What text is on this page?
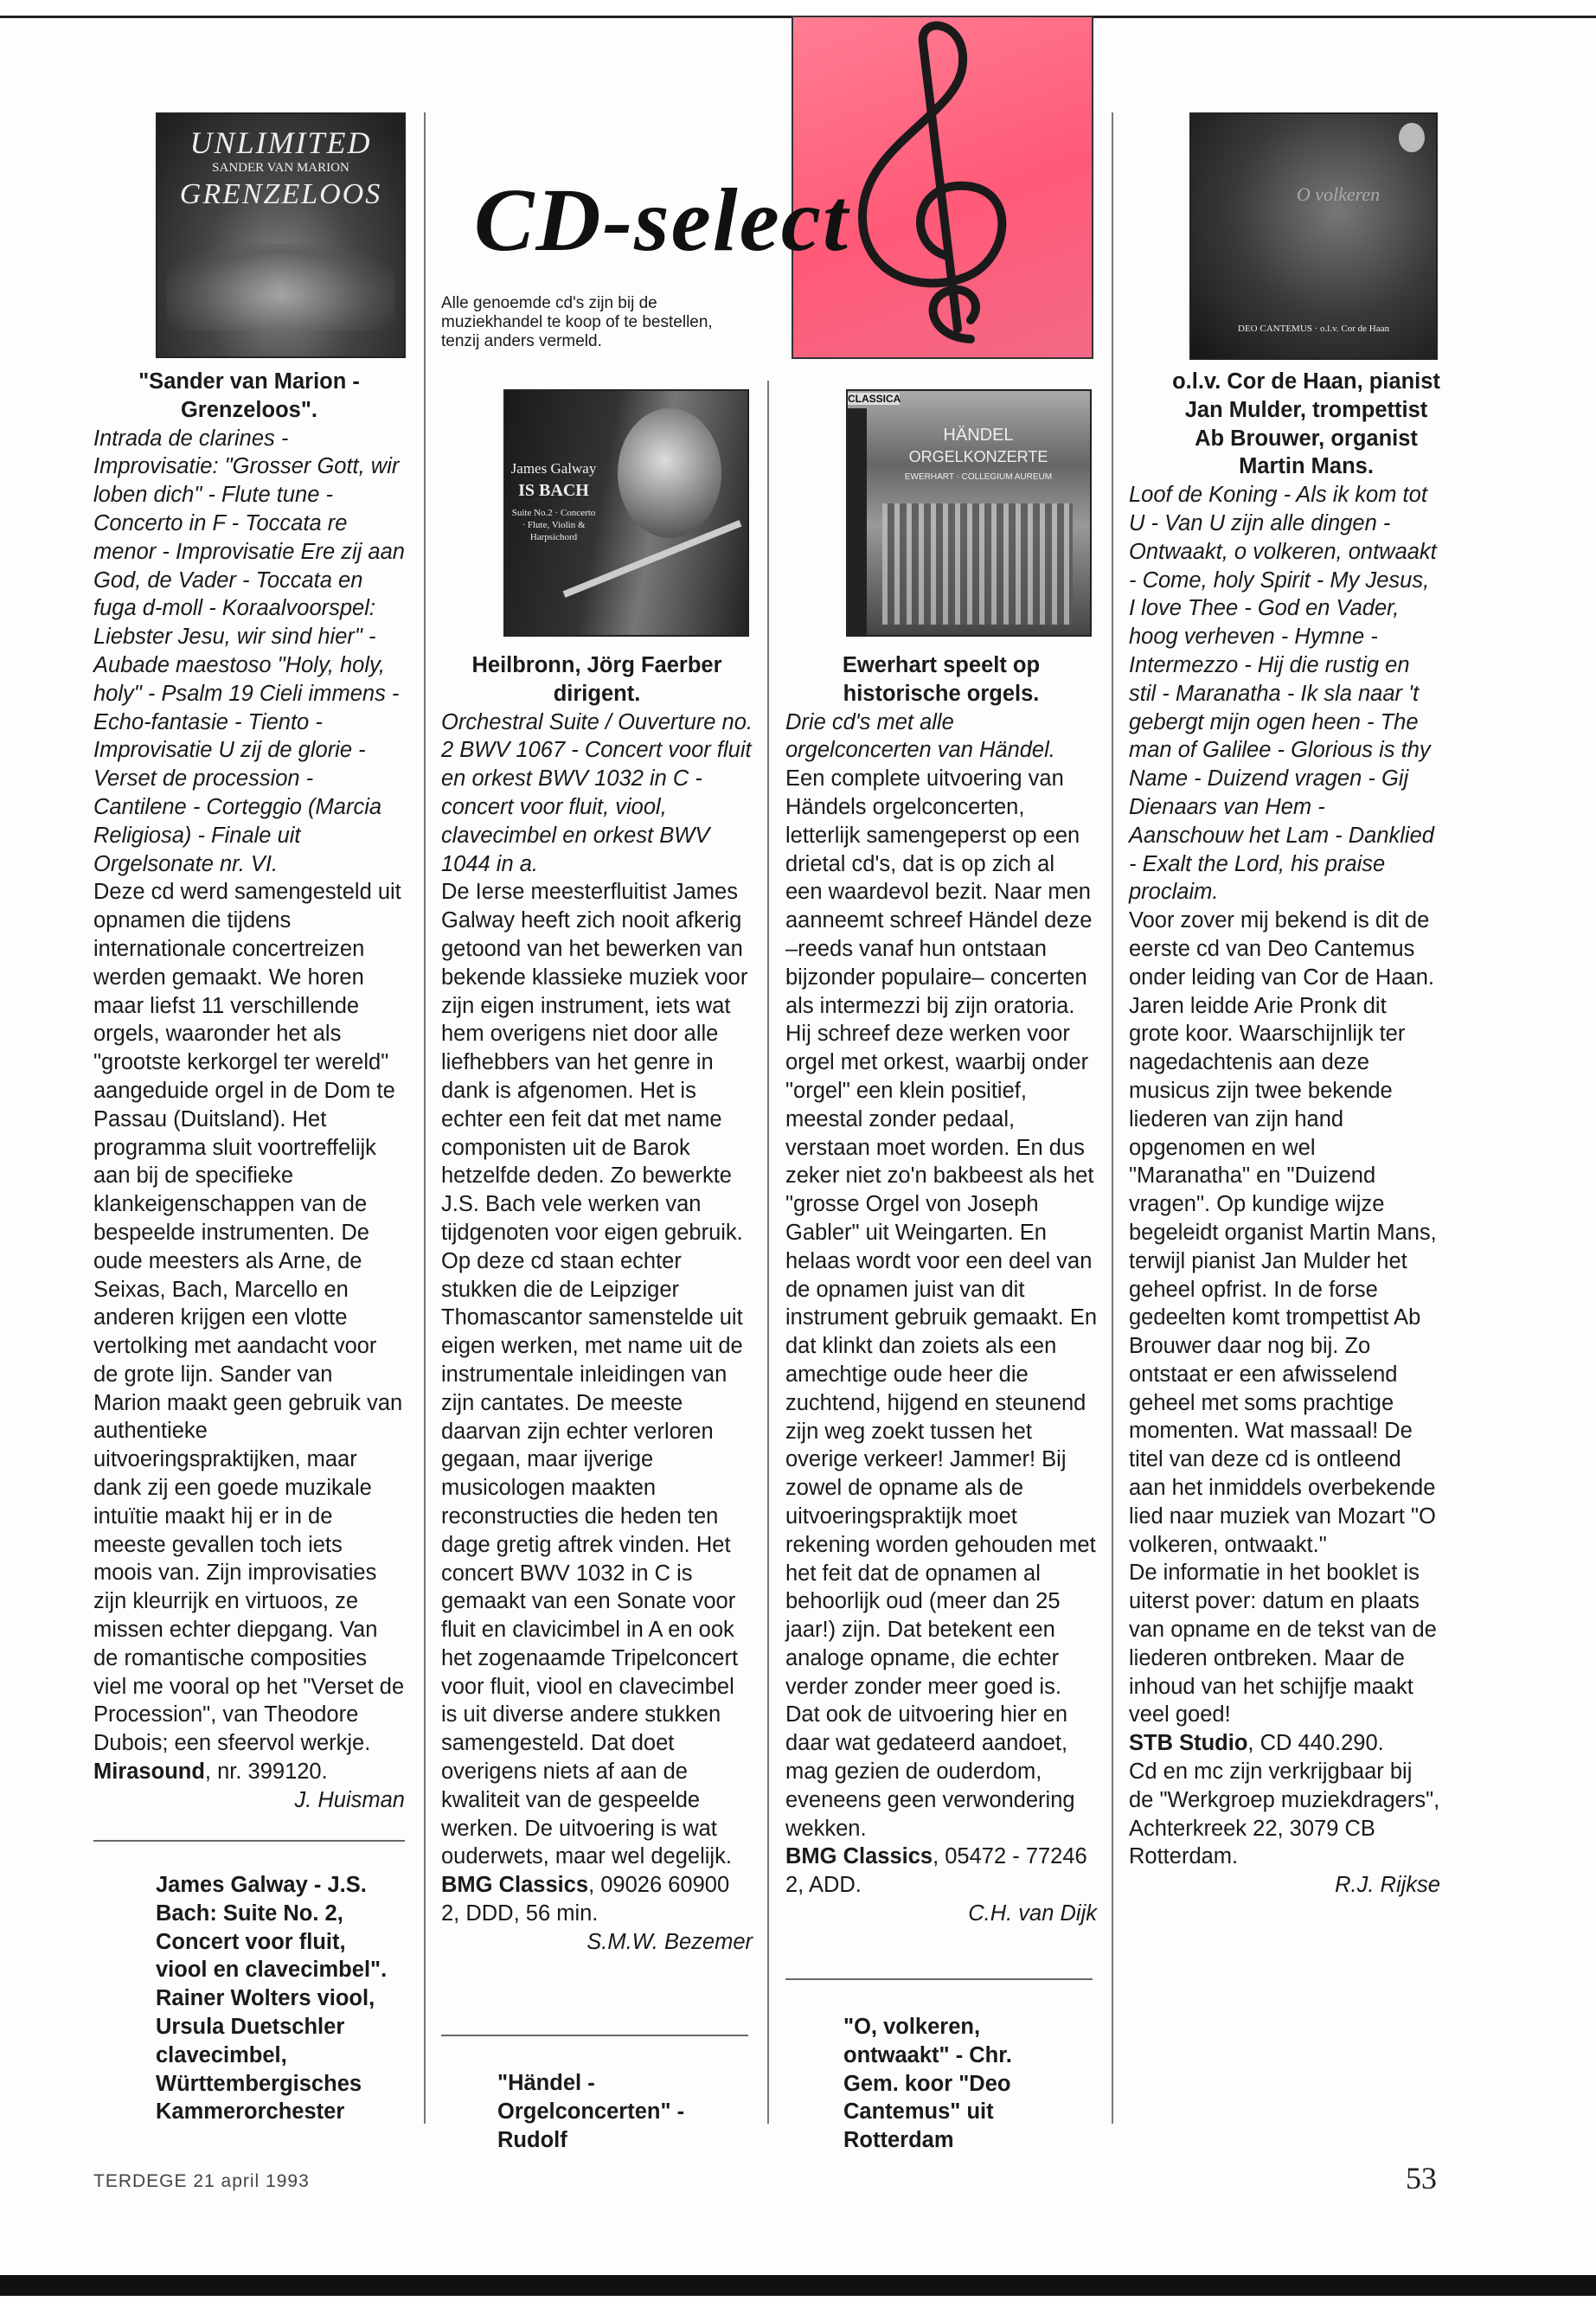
CD-select
Alle genoemde cd's zijn bij de muziekhandel te koop of te bestellen, tenzij anders vermeld.
UNLIMITED
SANDER VAN MARION
GRENZELOOS
James Galway
IS BACH
Suite No.2 · Concerto · Flute, Violin & Harpsichord
CLASSICA
HÄNDEL
ORGELKONZERTE
EWERHART · COLLEGIUM AUREUM
O volkeren
DEO CANTEMUS · o.l.v. Cor de Haan

"Sander van Marion - Grenzeloos".

Intrada de clarines - Improvisatie: "Grosser Gott, wir loben dich" - Flute tune - Concerto in F - Toccata re menor - Improvisatie Ere zij aan God, de Vader - Toccata en fuga d-moll - Koraalvoorspel: Liebster Jesu, wir sind hier" - Aubade maestoso "Holy, holy, holy" - Psalm 19 Cieli immens - Echo-fantasie - Tiento - Improvisatie U zij de glorie - Verset de procession - Cantilene - Corteggio (Marcia Religiosa) - Finale uit Orgelsonate nr. VI.

Deze cd werd samengesteld uit opnamen die tijdens internationale concertreizen werden gemaakt. We horen maar liefst 11 verschillende orgels, waaronder het als "grootste kerkorgel ter wereld" aangeduide orgel in de Dom te Passau (Duitsland). Het programma sluit voortreffelijk aan bij de specifieke klankeigenschappen van de bespeelde instrumenten. De oude meesters als Arne, de Seixas, Bach, Marcello en anderen krijgen een vlotte vertolking met aandacht voor de grote lijn. Sander van Marion maakt geen gebruik van authentieke uitvoeringspraktijken, maar dank zij een goede muzikale intuïtie maakt hij er in de meeste gevallen toch iets moois van. Zijn improvisaties zijn kleurrijk en virtuoos, ze missen echter diepgang. Van de romantische composities viel me vooral op het "Verset de Procession", van Theodore Dubois; een sfeervol werkje.

Mirasound, nr. 399120.

J. Huisman

James Galway - J.S. Bach: Suite No. 2, Concert voor fluit, viool en clavecimbel". Rainer Wolters viool, Ursula Duetschler clavecimbel, Württembergisches Kammerorchester

Heilbronn, Jörg Faerber dirigent.

Orchestral Suite / Ouverture no. 2 BWV 1067 - Concert voor fluit en orkest BWV 1032 in C - concert voor fluit, viool, clavecimbel en orkest BWV 1044 in a.

De Ierse meesterfluitist James Galway heeft zich nooit afkerig getoond van het bewerken van bekende klassieke muziek voor zijn eigen instrument, iets wat hem overigens niet door alle liefhebbers van het genre in dank is afgenomen. Het is echter een feit dat met name componisten uit de Barok hetzelfde deden. Zo bewerkte J.S. Bach vele werken van tijdgenoten voor eigen gebruik. Op deze cd staan echter stukken die de Leipziger Thomascantor samenstelde uit eigen werken, met name uit de instrumentale inleidingen van zijn cantates. De meeste daarvan zijn echter verloren gegaan, maar ijverige musicologen maakten reconstructies die heden ten dage gretig aftrek vinden. Het concert BWV 1032 in C is gemaakt van een Sonate voor fluit en clavicimbel in A en ook het zogenaamde Tripelconcert voor fluit, viool en clavecimbel is uit diverse andere stukken samengesteld. Dat doet overigens niets af aan de kwaliteit van de gespeelde werken. De uitvoering is wat ouderwets, maar wel degelijk.

BMG Classics, 09026 60900 2, DDD, 56 min.

S.M.W. Bezemer

"Händel - Orgelconcerten" - Rudolf

Ewerhart speelt op historische orgels.

Drie cd's met alle orgelconcerten van Händel.

Een complete uitvoering van Händels orgelconcerten, letterlijk samengeperst op een drietal cd's, dat is op zich al een waardevol bezit. Naar men aanneemt schreef Händel deze –reeds vanaf hun ontstaan bijzonder populaire– concerten als intermezzi bij zijn oratoria. Hij schreef deze werken voor orgel met orkest, waarbij onder "orgel" een klein positief, meestal zonder pedaal, verstaan moet worden. En dus zeker niet zo'n bakbeest als het "grosse Orgel von Joseph Gabler" uit Weingarten. En helaas wordt voor een deel van de opnamen juist van dit instrument gebruik gemaakt. En dat klinkt dan zoiets als een amechtige oude heer die zuchtend, hijgend en steunend zijn weg zoekt tussen het overige verkeer! Jammer! Bij zowel de opname als de uitvoeringspraktijk moet rekening worden gehouden met het feit dat de opnamen al behoorlijk oud (meer dan 25 jaar!) zijn. Dat betekent een analoge opname, die echter verder zonder meer goed is. Dat ook de uitvoering hier en daar wat gedateerd aandoet, mag gezien de ouderdom, eveneens geen verwondering wekken.

BMG Classics, 05472 - 77246 2, ADD.

C.H. van Dijk

"O, volkeren, ontwaakt" - Chr. Gem. koor "Deo Cantemus" uit Rotterdam

o.l.v. Cor de Haan, pianist Jan Mulder, trompettist Ab Brouwer, organist Martin Mans.

Loof de Koning - Als ik kom tot U - Van U zijn alle dingen - Ontwaakt, o volkeren, ontwaakt - Come, holy Spirit - My Jesus, I love Thee - God en Vader, hoog verheven - Hymne - Intermezzo - Hij die rustig en stil - Maranatha - Ik sla naar 't gebergt mijn ogen heen - The man of Galilee - Glorious is thy Name - Duizend vragen - Gij Dienaars van Hem - Aanschouw het Lam - Danklied - Exalt the Lord, his praise proclaim.

Voor zover mij bekend is dit de eerste cd van Deo Cantemus onder leiding van Cor de Haan. Jaren leidde Arie Pronk dit grote koor. Waarschijnlijk ter nagedachtenis aan deze musicus zijn twee bekende liederen van zijn hand opgenomen en wel "Maranatha" en "Duizend vragen". Op kundige wijze begeleidt organist Martin Mans, terwijl pianist Jan Mulder het geheel opfrist. In de forse gedeelten komt trompettist Ab Brouwer daar nog bij. Zo ontstaat er een afwisselend geheel met soms prachtige momenten. Wat massaal! De titel van deze cd is ontleend aan het inmiddels overbekende lied naar muziek van Mozart "O volkeren, ontwaakt."

De informatie in het booklet is uiterst pover: datum en plaats van opname en de tekst van de liederen ontbreken. Maar de inhoud van het schijfje maakt veel goed!

STB Studio, CD 440.290.

Cd en mc zijn verkrijgbaar bij de "Werkgroep muziekdragers", Achterkreek 22, 3079 CB Rotterdam.

R.J. Rijkse

TERDEGE 21 april 1993	53
